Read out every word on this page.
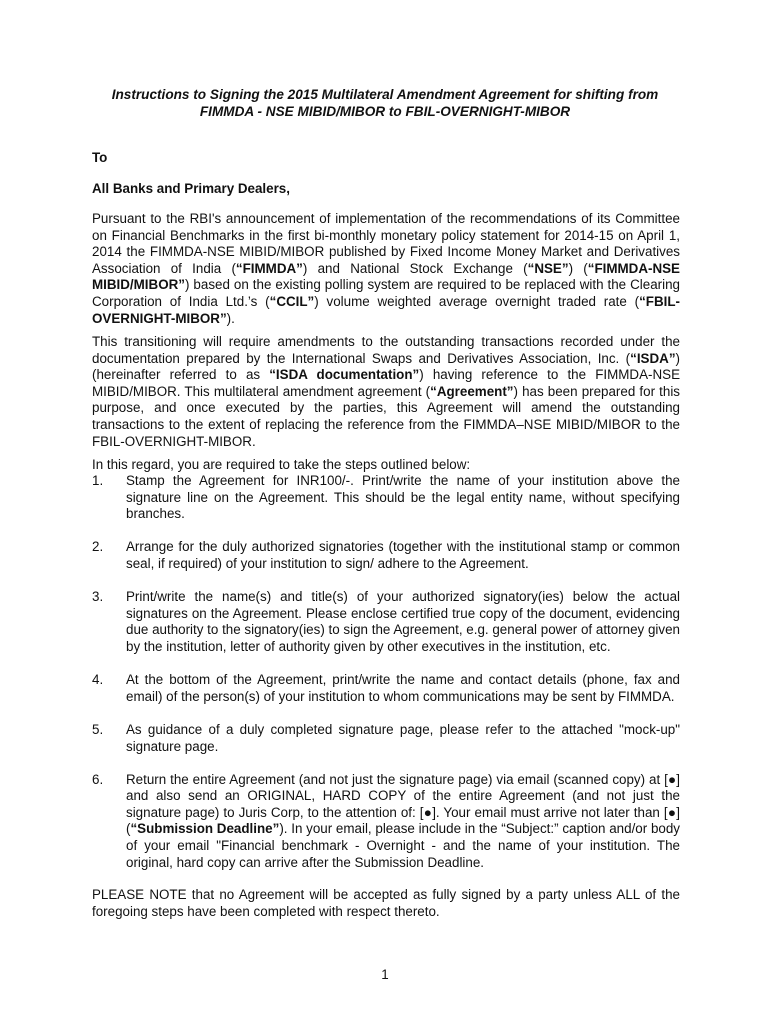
Instructions to Signing the 2015 Multilateral Amendment Agreement for shifting from
FIMMDA - NSE MIBID/MIBOR to FBIL-OVERNIGHT-MIBOR
To
All Banks and Primary Dealers,
Pursuant to the RBI's announcement of implementation of the recommendations of its Committee on Financial Benchmarks in the first bi-monthly monetary policy statement for 2014-15 on April 1, 2014 the FIMMDA-NSE MIBID/MIBOR published by Fixed Income Money Market and Derivatives Association of India (“FIMMDA”) and National Stock Exchange (“NSE”) (“FIMMDA-NSE MIBID/MIBOR”) based on the existing polling system are required to be replaced with the Clearing Corporation of India Ltd.’s (“CCIL”) volume weighted average overnight traded rate (“FBIL-OVERNIGHT-MIBOR”).
This transitioning will require amendments to the outstanding transactions recorded under the documentation prepared by the International Swaps and Derivatives Association, Inc. (“ISDA”) (hereinafter referred to as “ISDA documentation”) having reference to the FIMMDA-NSE MIBID/MIBOR. This multilateral amendment agreement (“Agreement”) has been prepared for this purpose, and once executed by the parties, this Agreement will amend the outstanding transactions to the extent of replacing the reference from the FIMMDA–NSE MIBID/MIBOR to the FBIL-OVERNIGHT-MIBOR.
In this regard, you are required to take the steps outlined below:
1. Stamp the Agreement for INR100/-. Print/write the name of your institution above the signature line on the Agreement. This should be the legal entity name, without specifying branches.
2. Arrange for the duly authorized signatories (together with the institutional stamp or common seal, if required) of your institution to sign/ adhere to the Agreement.
3. Print/write the name(s) and title(s) of your authorized signatory(ies) below the actual signatures on the Agreement. Please enclose certified true copy of the document, evidencing due authority to the signatory(ies) to sign the Agreement, e.g. general power of attorney given by the institution, letter of authority given by other executives in the institution, etc.
4. At the bottom of the Agreement, print/write the name and contact details (phone, fax and email) of the person(s) of your institution to whom communications may be sent by FIMMDA.
5. As guidance of a duly completed signature page, please refer to the attached "mock-up" signature page.
6. Return the entire Agreement (and not just the signature page) via email (scanned copy) at [●] and also send an ORIGINAL, HARD COPY of the entire Agreement (and not just the signature page) to Juris Corp, to the attention of: [●]. Your email must arrive not later than [●] (“Submission Deadline”). In your email, please include in the “Subject:” caption and/or body of your email "Financial benchmark - Overnight - and the name of your institution. The original, hard copy can arrive after the Submission Deadline.
PLEASE NOTE that no Agreement will be accepted as fully signed by a party unless ALL of the foregoing steps have been completed with respect thereto.
1
